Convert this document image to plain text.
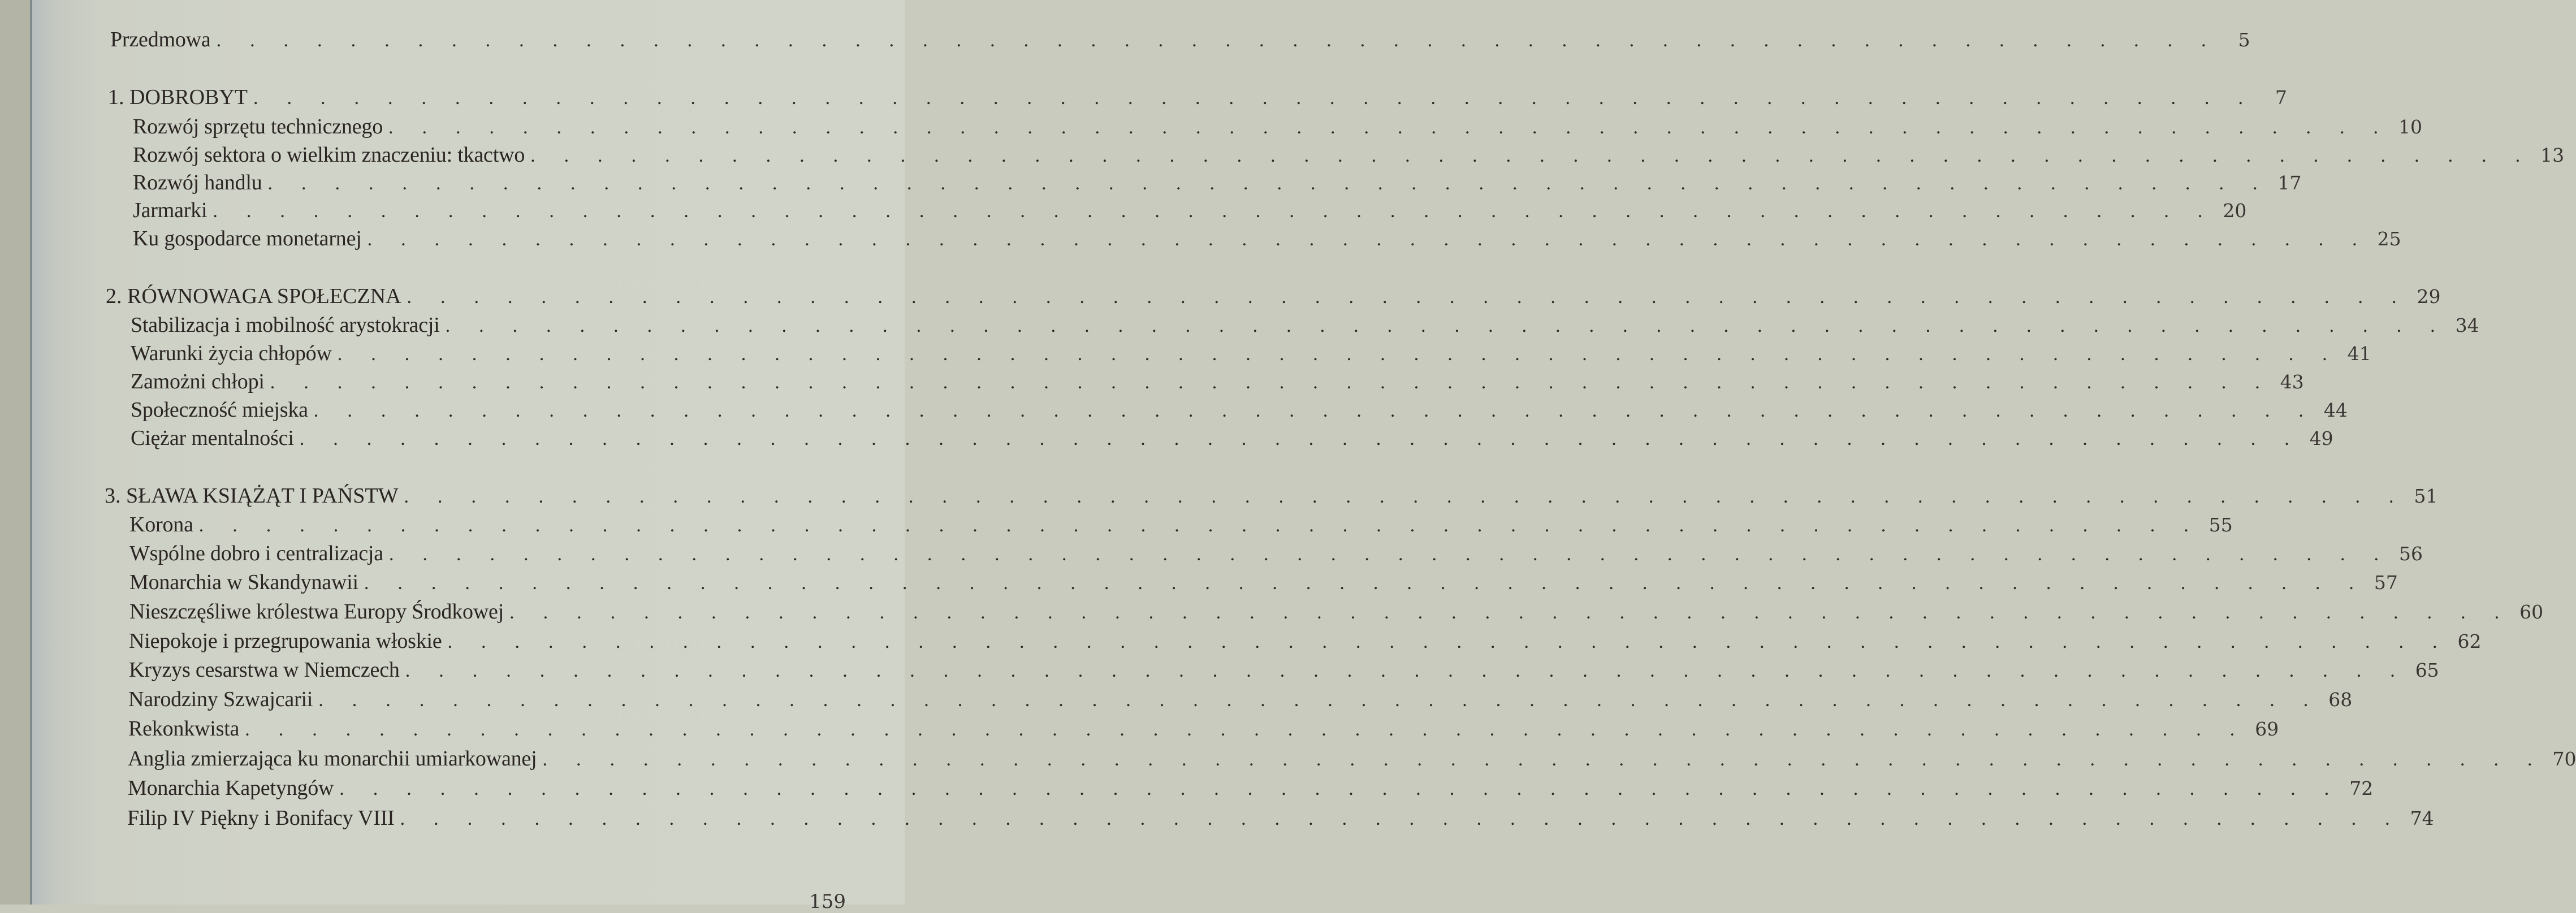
Przedmowa .  .  .  .  .  .  .  .  .  .  .  .  .  .  .  .  .  .  .  .  .  .  .  .  .  .  .  .  .  .  .  .  .  .  .  .  .  .  .  .  .  .  .  .  .  .  .  .  .  .  .  .  .  .  .  .  .  .  .  .	5
1. DOBROBYT .  .  .  .  .  .  .  .  .  .  .  .  .  .  .  .  .  .  .  .  .  .  .  .  .  .  .  .  .  .  .  .  .  .  .  .  .  .  .  .  .  .  .  .  .  .  .  .  .  .  .  .  .  .  .  .  .  .  .  .	7
Rozwój sprzętu technicznego .  .  .  .  .  .  .  .  .  .  .  .  .  .  .  .  .  .  .  .  .  .  .  .  .  .  .  .  .  .  .  .  .  .  .  .  .  .  .  .  .  .  .  .  .  .  .  .  .  .  .  .  .  .  .  .  .  .  .  .	10
Rozwój sektora o wielkim znaczeniu: tkactwo .  .  .  .  .  .  .  .  .  .  .  .  .  .  .  .  .  .  .  .  .  .  .  .  .  .  .  .  .  .  .  .  .  .  .  .  .  .  .  .  .  .  .  .  .  .  .  .  .  .  .  .  .  .  .  .  .  .  .  .	13
Rozwój handlu .  .  .  .  .  .  .  .  .  .  .  .  .  .  .  .  .  .  .  .  .  .  .  .  .  .  .  .  .  .  .  .  .  .  .  .  .  .  .  .  .  .  .  .  .  .  .  .  .  .  .  .  .  .  .  .  .  .  .  .	17
Jarmarki .  .  .  .  .  .  .  .  .  .  .  .  .  .  .  .  .  .  .  .  .  .  .  .  .  .  .  .  .  .  .  .  .  .  .  .  .  .  .  .  .  .  .  .  .  .  .  .  .  .  .  .  .  .  .  .  .  .  .  .	20
Ku gospodarce monetarnej .  .  .  .  .  .  .  .  .  .  .  .  .  .  .  .  .  .  .  .  .  .  .  .  .  .  .  .  .  .  .  .  .  .  .  .  .  .  .  .  .  .  .  .  .  .  .  .  .  .  .  .  .  .  .  .  .  .  .  .	25
2. RÓWNOWAGA SPOŁECZNA .  .  .  .  .  .  .  .  .  .  .  .  .  .  .  .  .  .  .  .  .  .  .  .  .  .  .  .  .  .  .  .  .  .  .  .  .  .  .  .  .  .  .  .  .  .  .  .  .  .  .  .  .  .  .  .  .  .  .  .	29
Stabilizacja i mobilność arystokracji .  .  .  .  .  .  .  .  .  .  .  .  .  .  .  .  .  .  .  .  .  .  .  .  .  .  .  .  .  .  .  .  .  .  .  .  .  .  .  .  .  .  .  .  .  .  .  .  .  .  .  .  .  .  .  .  .  .  .  .	34
Warunki życia chłopów .  .  .  .  .  .  .  .  .  .  .  .  .  .  .  .  .  .  .  .  .  .  .  .  .  .  .  .  .  .  .  .  .  .  .  .  .  .  .  .  .  .  .  .  .  .  .  .  .  .  .  .  .  .  .  .  .  .  .  .	41
Zamożni chłopi .  .  .  .  .  .  .  .  .  .  .  .  .  .  .  .  .  .  .  .  .  .  .  .  .  .  .  .  .  .  .  .  .  .  .  .  .  .  .  .  .  .  .  .  .  .  .  .  .  .  .  .  .  .  .  .  .  .  .  .	43
Społeczność miejska .  .  .  .  .  .  .  .  .  .  .  .  .  .  .  .  .  .  .  .  .  .  .  .  .  .  .  .  .  .  .  .  .  .  .  .  .  .  .  .  .  .  .  .  .  .  .  .  .  .  .  .  .  .  .  .  .  .  .  .	44
Ciężar mentalności .  .  .  .  .  .  .  .  .  .  .  .  .  .  .  .  .  .  .  .  .  .  .  .  .  .  .  .  .  .  .  .  .  .  .  .  .  .  .  .  .  .  .  .  .  .  .  .  .  .  .  .  .  .  .  .  .  .  .  .	49
3. SŁAWA KSIĄŻĄT I PAŃSTW .  .  .  .  .  .  .  .  .  .  .  .  .  .  .  .  .  .  .  .  .  .  .  .  .  .  .  .  .  .  .  .  .  .  .  .  .  .  .  .  .  .  .  .  .  .  .  .  .  .  .  .  .  .  .  .  .  .  .  .	51
Korona .  .  .  .  .  .  .  .  .  .  .  .  .  .  .  .  .  .  .  .  .  .  .  .  .  .  .  .  .  .  .  .  .  .  .  .  .  .  .  .  .  .  .  .  .  .  .  .  .  .  .  .  .  .  .  .  .  .  .  .	55
Wspólne dobro i centralizacja .  .  .  .  .  .  .  .  .  .  .  .  .  .  .  .  .  .  .  .  .  .  .  .  .  .  .  .  .  .  .  .  .  .  .  .  .  .  .  .  .  .  .  .  .  .  .  .  .  .  .  .  .  .  .  .  .  .  .  .	56
Monarchia w Skandynawii .  .  .  .  .  .  .  .  .  .  .  .  .  .  .  .  .  .  .  .  .  .  .  .  .  .  .  .  .  .  .  .  .  .  .  .  .  .  .  .  .  .  .  .  .  .  .  .  .  .  .  .  .  .  .  .  .  .  .  .	57
Nieszczęśliwe królestwa Europy Środkowej .  .  .  .  .  .  .  .  .  .  .  .  .  .  .  .  .  .  .  .  .  .  .  .  .  .  .  .  .  .  .  .  .  .  .  .  .  .  .  .  .  .  .  .  .  .  .  .  .  .  .  .  .  .  .  .  .  .  .  .	60
Niepokoje i przegrupowania włoskie .  .  .  .  .  .  .  .  .  .  .  .  .  .  .  .  .  .  .  .  .  .  .  .  .  .  .  .  .  .  .  .  .  .  .  .  .  .  .  .  .  .  .  .  .  .  .  .  .  .  .  .  .  .  .  .  .  .  .  .	62
Kryzys cesarstwa w Niemczech .  .  .  .  .  .  .  .  .  .  .  .  .  .  .  .  .  .  .  .  .  .  .  .  .  .  .  .  .  .  .  .  .  .  .  .  .  .  .  .  .  .  .  .  .  .  .  .  .  .  .  .  .  .  .  .  .  .  .  .	65
Narodziny Szwajcarii .  .  .  .  .  .  .  .  .  .  .  .  .  .  .  .  .  .  .  .  .  .  .  .  .  .  .  .  .  .  .  .  .  .  .  .  .  .  .  .  .  .  .  .  .  .  .  .  .  .  .  .  .  .  .  .  .  .  .  .	68
Rekonkwista .  .  .  .  .  .  .  .  .  .  .  .  .  .  .  .  .  .  .  .  .  .  .  .  .  .  .  .  .  .  .  .  .  .  .  .  .  .  .  .  .  .  .  .  .  .  .  .  .  .  .  .  .  .  .  .  .  .  .  .	69
Anglia zmierzająca ku monarchii umiarkowanej .  .  .  .  .  .  .  .  .  .  .  .  .  .  .  .  .  .  .  .  .  .  .  .  .  .  .  .  .  .  .  .  .  .  .  .  .  .  .  .  .  .  .  .  .  .  .  .  .  .  .  .  .  .  .  .  .  .  .  .	70
Monarchia Kapetyngów .  .  .  .  .  .  .  .  .  .  .  .  .  .  .  .  .  .  .  .  .  .  .  .  .  .  .  .  .  .  .  .  .  .  .  .  .  .  .  .  .  .  .  .  .  .  .  .  .  .  .  .  .  .  .  .  .  .  .  .	72
Filip IV Piękny i Bonifacy VIII .  .  .  .  .  .  .  .  .  .  .  .  .  .  .  .  .  .  .  .  .  .  .  .  .  .  .  .  .  .  .  .  .  .  .  .  .  .  .  .  .  .  .  .  .  .  .  .  .  .  .  .  .  .  .  .  .  .  .  .	74
159
